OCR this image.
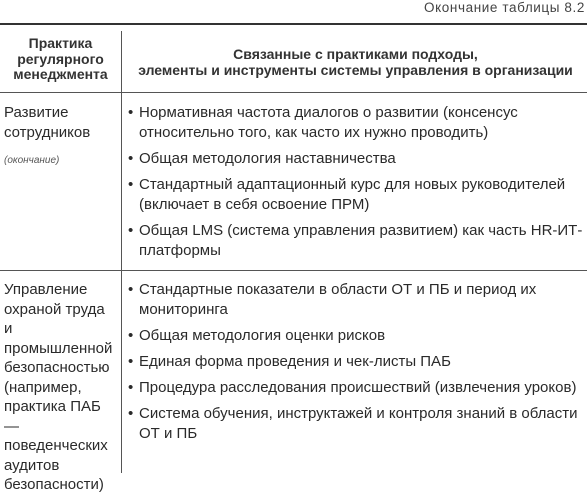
Окончание таблицы 8.2
Практика регулярного менеджмента
Связанные с практиками подходы,
элементы и инструменты системы управления в организации
Развитие сотрудников
(окончание)
• Нормативная частота диалогов о развитии (консенсус относительно того, как часто их нужно проводить)
• Общая методология наставничества
• Стандартный адаптационный курс для новых руководителей (включает в себя освоение ПРМ)
• Общая LMS (система управления развитием) как часть HR-ИТ-платформы
Управление охраной труда и промышленной безопасностью (например, практика ПАБ — поведенческих аудитов безопасности)
• Стандартные показатели в области ОТ и ПБ и период их мониторинга
• Общая методология оценки рисков
• Единая форма проведения и чек-листы ПАБ
• Процедура расследования происшествий (извлечения уроков)
• Система обучения, инструктажей и контроля знаний в области ОТ и ПБ
